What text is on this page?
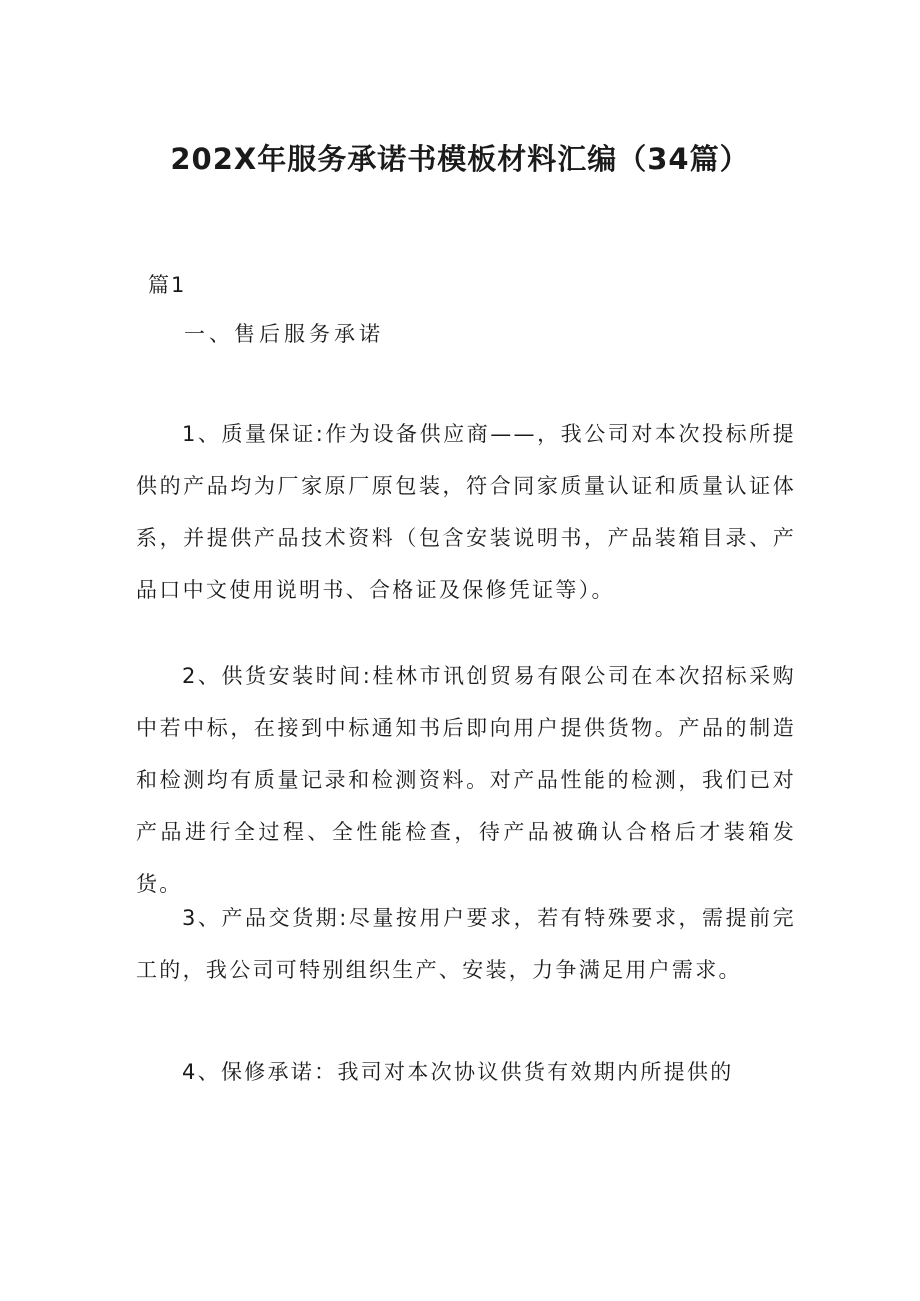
202X年服务承诺书模板材料汇编（34篇）
篇1
一、售后服务承诺

1、质量保证:作为设备供应商——，我公司对本次投标所提供的产品均为厂家原厂原包装，符合同家质量认证和质量认证体系，并提供产品技术资料（包含安装说明书，产品装箱目录、产品口中文使用说明书、合格证及保修凭证等）。

2、供货安装时间:桂林市讯创贸易有限公司在本次招标采购中若中标，在接到中标通知书后即向用户提供货物。产品的制造和检测均有质量记录和检测资料。对产品性能的检测，我们已对产品进行全过程、全性能检查，待产品被确认合格后才装箱发货。

3、产品交货期:尽量按用户要求，若有特殊要求，需提前完工的，我公司可特别组织生产、安装，力争满足用户需求。

4、保修承诺：我司对本次协议供货有效期内所提供的
